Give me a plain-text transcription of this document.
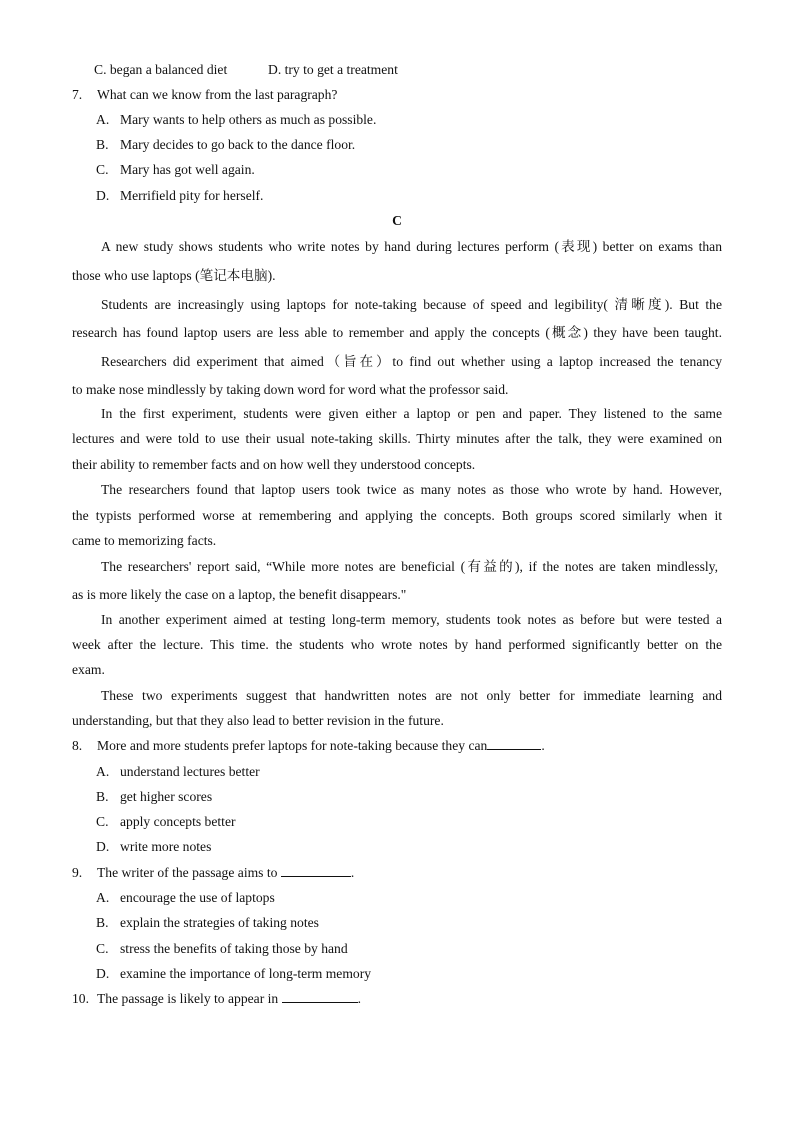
C. began a balanced diet	D. try to get a treatment
7. What can we know from the last paragraph?
A. Mary wants to help others as much as possible.
B. Mary decides to go back to the dance floor.
C. Mary has got well again.
D. Merrifield pity for herself.
C
A new study shows students who write notes by hand during lectures perform (表现) better on exams than
those who use laptops (笔记本电脑).
Students are increasingly using laptops for note-taking because of speed and legibility( 清晰度). But the
research has found laptop users are less able to remember and apply the concepts (概念) they have been taught.
Researchers did experiment that aimed（旨在）to find out whether using a laptop increased the tenancy
to make nose mindlessly by taking down word for word what the professor said.
In the first experiment, students were given either a laptop or pen and paper. They listened to the same
lectures and were told to use their usual note-taking skills. Thirty minutes after the talk, they were examined on
their ability to remember facts and on how well they understood concepts.
The researchers found that laptop users took twice as many notes as those who wrote by hand. However,
the typists performed worse at remembering and applying the concepts. Both groups scored similarly when it
came to memorizing facts.
The researchers' report said, “While more notes are beneficial (有益的), if the notes are taken mindlessly,
as is more likely the case on a laptop, the benefit disappears."
In another experiment aimed at testing long-term memory, students took notes as before but were tested a
week after the lecture. This time. the students who wrote notes by hand performed significantly better on the
exam.
These two experiments suggest that handwritten notes are not only better for immediate learning and
understanding, but that they also lead to better revision in the future.
8. More and more students prefer laptops for note-taking because they can	.
A. understand lectures better
B. get higher scores
C. apply concepts better
D. write more notes
9. The writer of the passage aims to	.
A. encourage the use of laptops
B. explain the strategies of taking notes
C. stress the benefits of taking those by hand
D. examine the importance of long-term memory
10. The passage is likely to appear in	.
